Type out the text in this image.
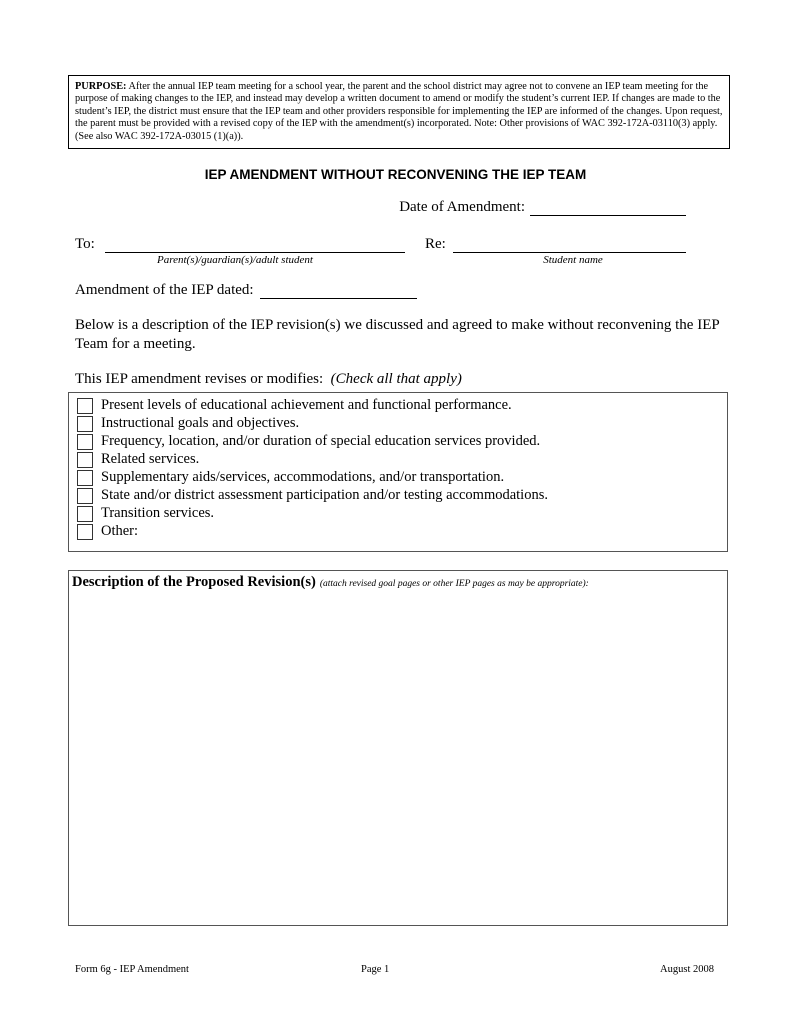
PURPOSE: After the annual IEP team meeting for a school year, the parent and the school district may agree not to convene an IEP team meeting for the purpose of making changes to the IEP, and instead may develop a written document to amend or modify the student’s current IEP. If changes are made to the student’s IEP, the district must ensure that the IEP team and other providers responsible for implementing the IEP are informed of the changes. Upon request, the parent must be provided with a revised copy of the IEP with the amendment(s) incorporated. Note: Other provisions of WAC 392-172A-03110(3) apply. (See also WAC 392-172A-03015 (1)(a)).
IEP AMENDMENT WITHOUT RECONVENING THE IEP TEAM
Date of Amendment:
To:
Parent(s)/guardian(s)/adult student
Re:
Student name
Amendment of the IEP dated:
Below is a description of the IEP revision(s) we discussed and agreed to make without reconvening the IEP Team for a meeting.
This IEP amendment revises or modifies: (Check all that apply)
Present levels of educational achievement and functional performance.
Instructional goals and objectives.
Frequency, location, and/or duration of special education services provided.
Related services.
Supplementary aids/services, accommodations, and/or transportation.
State and/or district assessment participation and/or testing accommodations.
Transition services.
Other:
Description of the Proposed Revision(s) (attach revised goal pages or other IEP pages as may be appropriate):
Form 6g - IEP Amendment	Page 1	August 2008
